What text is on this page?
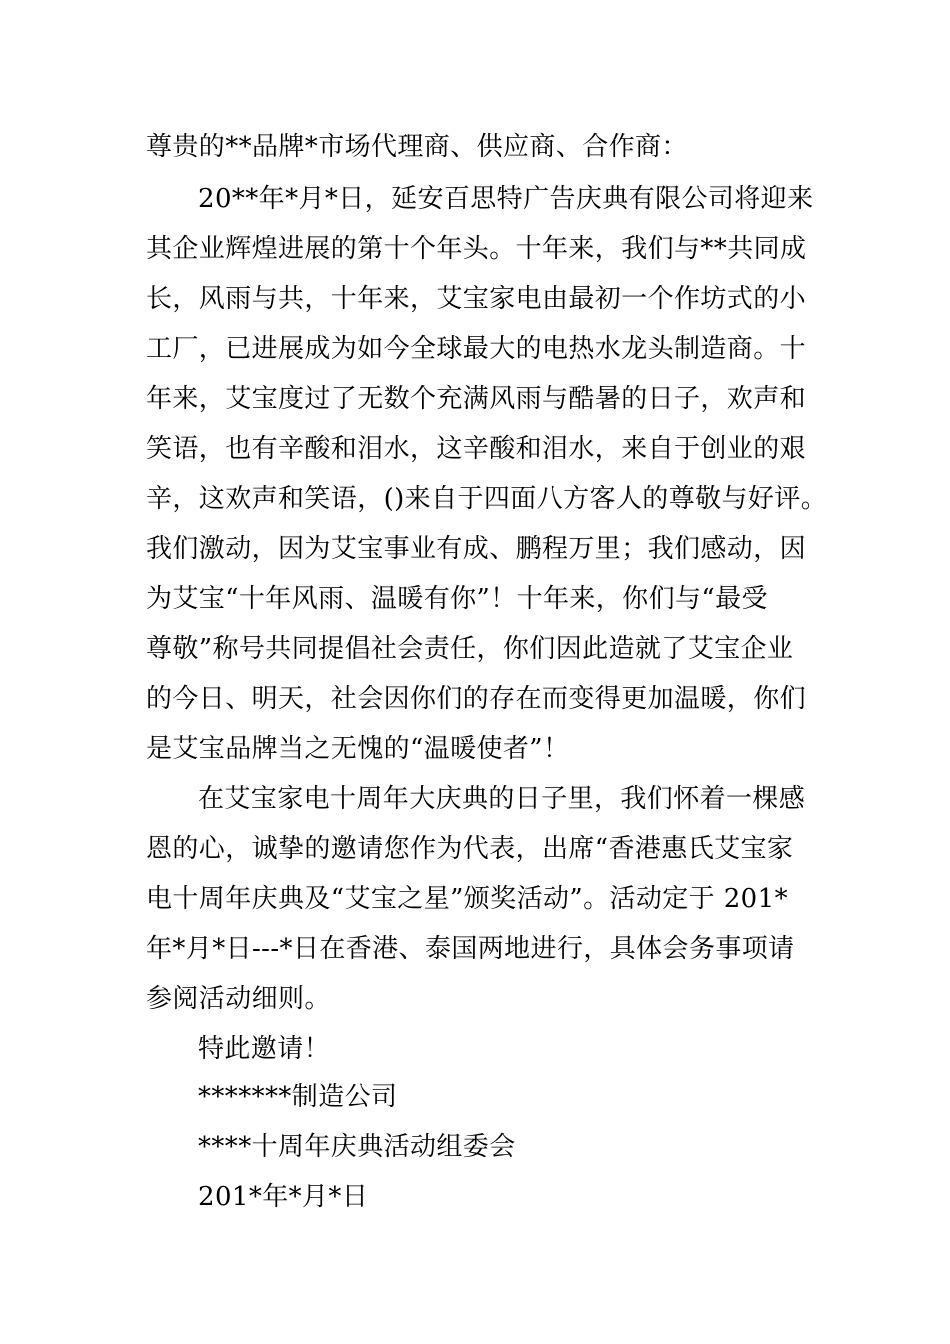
尊贵的**品牌*市场代理商、供应商、合作商：
20**年*月*日，延安百思特广告庆典有限公司将迎来
其企业辉煌进展的第十个年头。十年来，我们与**共同成
长，风雨与共，十年来，艾宝家电由最初一个作坊式的小
工厂，已进展成为如今全球最大的电热水龙头制造商。十
年来，艾宝度过了无数个充满风雨与酷暑的日子，欢声和
笑语，也有辛酸和泪水，这辛酸和泪水，来自于创业的艰
辛，这欢声和笑语，()来自于四面八方客人的尊敬与好评。
我们激动，因为艾宝事业有成、鹏程万里；我们感动，因
为艾宝“十年风雨、温暖有你”！十年来，你们与“最受
尊敬”称号共同提倡社会责任，你们因此造就了艾宝企业
的今日、明天，社会因你们的存在而变得更加温暖，你们
是艾宝品牌当之无愧的“温暖使者”！
在艾宝家电十周年大庆典的日子里，我们怀着一棵感
恩的心，诚挚的邀请您作为代表，出席“香港惠氏艾宝家
电十周年庆典及“艾宝之星”颁奖活动”。活动定于 201*
年*月*日---*日在香港、泰国两地进行，具体会务事项请
参阅活动细则。
特此邀请！
*******制造公司
****十周年庆典活动组委会
201*年*月*日
